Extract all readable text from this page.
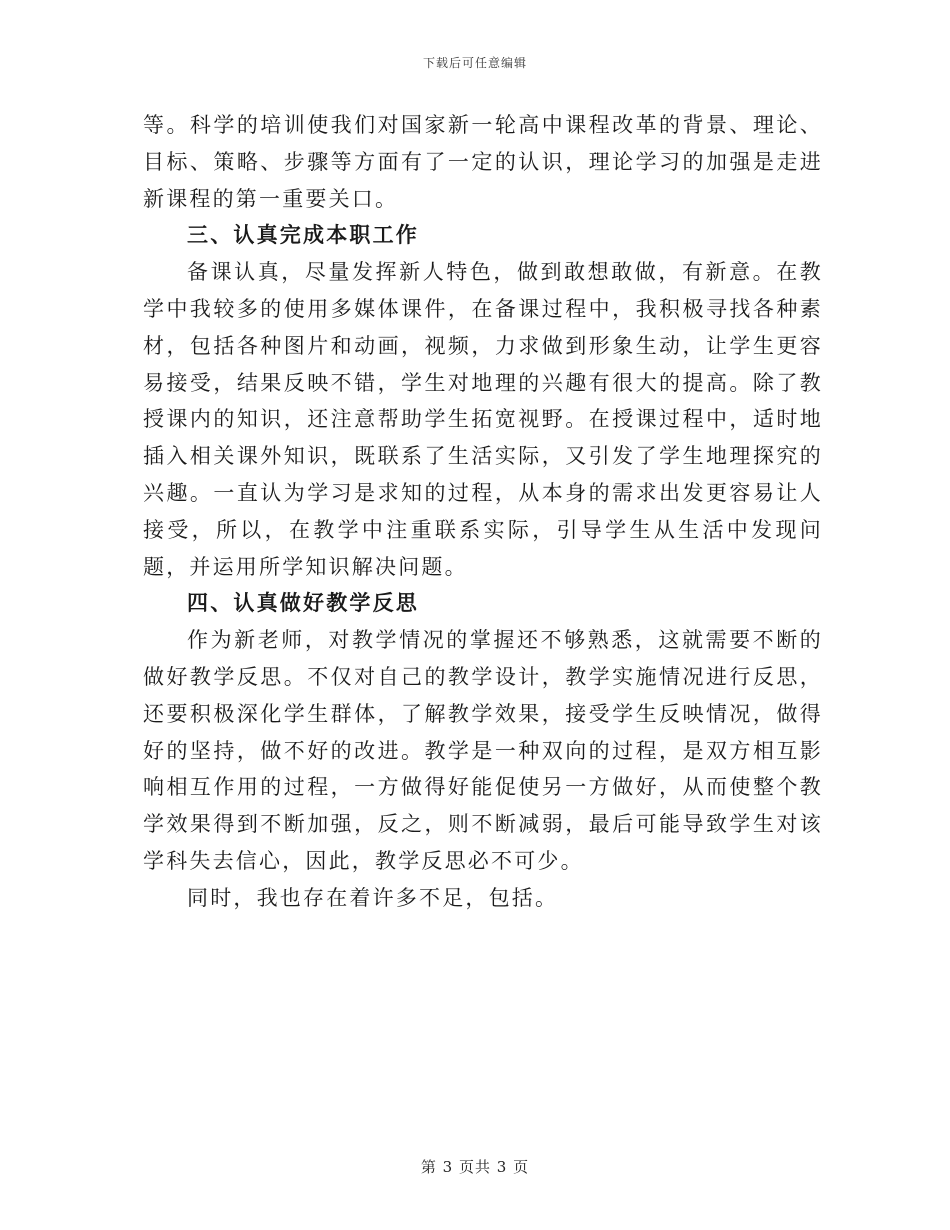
下载后可任意编辑

等。科学的培训使我们对国家新一轮高中课程改革的背景、理论、目标、策略、步骤等方面有了一定的认识，理论学习的加强是走进新课程的第一重要关口。

三、认真完成本职工作

备课认真，尽量发挥新人特色，做到敢想敢做，有新意。在教学中我较多的使用多媒体课件，在备课过程中，我积极寻找各种素材，包括各种图片和动画，视频，力求做到形象生动，让学生更容易接受，结果反映不错，学生对地理的兴趣有很大的提高。除了教授课内的知识，还注意帮助学生拓宽视野。在授课过程中，适时地插入相关课外知识，既联系了生活实际，又引发了学生地理探究的兴趣。一直认为学习是求知的过程，从本身的需求出发更容易让人接受，所以，在教学中注重联系实际，引导学生从生活中发现问题，并运用所学知识解决问题。

四、认真做好教学反思

作为新老师，对教学情况的掌握还不够熟悉，这就需要不断的做好教学反思。不仅对自己的教学设计，教学实施情况进行反思，还要积极深化学生群体，了解教学效果，接受学生反映情况，做得好的坚持，做不好的改进。教学是一种双向的过程，是双方相互影响相互作用的过程，一方做得好能促使另一方做好，从而使整个教学效果得到不断加强，反之，则不断减弱，最后可能导致学生对该学科失去信心，因此，教学反思必不可少。

同时，我也存在着许多不足，包括。

第 3 页共 3 页
